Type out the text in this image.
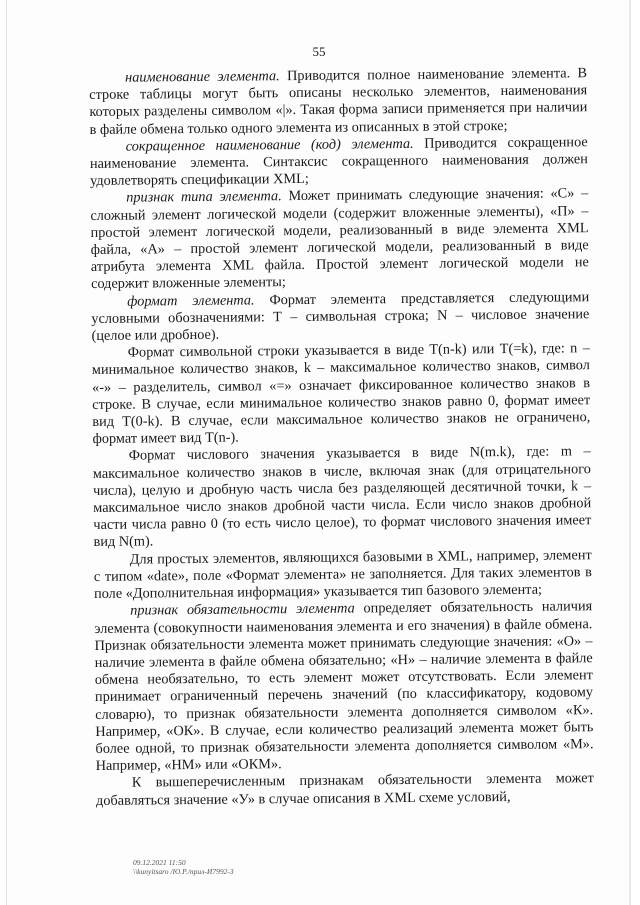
55

наименование элемента. Приводится полное наименование элемента. В строке таблицы могут быть описаны несколько элементов, наименования которых разделены символом «|». Такая форма записи применяется при наличии в файле обмена только одного элемента из описанных в этой строке;

сокращенное наименование (код) элемента. Приводится сокращенное наименование элемента. Синтаксис сокращенного наименования должен удовлетворять спецификации XML;

признак типа элемента. Может принимать следующие значения: «С» – сложный элемент логической модели (содержит вложенные элементы), «П» – простой элемент логической модели, реализованный в виде элемента XML файла, «А» – простой элемент логической модели, реализованный в виде атрибута элемента XML файла. Простой элемент логической модели не содержит вложенные элементы;

формат элемента. Формат элемента представляется следующими условными обозначениями: Т – символьная строка; N – числовое значение (целое или дробное).

Формат символьной строки указывается в виде Т(n-k) или Т(=k), где: n – минимальное количество знаков, k – максимальное количество знаков, символ «-» – разделитель, символ «=» означает фиксированное количество знаков в строке. В случае, если минимальное количество знаков равно 0, формат имеет вид Т(0-k). В случае, если максимальное количество знаков не ограничено, формат имеет вид Т(n-).

Формат числового значения указывается в виде N(m.k), где: m – максимальное количество знаков в числе, включая знак (для отрицательного числа), целую и дробную часть числа без разделяющей десятичной точки, k – максимальное число знаков дробной части числа. Если число знаков дробной части числа равно 0 (то есть число целое), то формат числового значения имеет вид N(m).

Для простых элементов, являющихся базовыми в XML, например, элемент с типом «date», поле «Формат элемента» не заполняется. Для таких элементов в поле «Дополнительная информация» указывается тип базового элемента;

признак обязательности элемента определяет обязательность наличия элемента (совокупности наименования элемента и его значения) в файле обмена. Признак обязательности элемента может принимать следующие значения: «О» – наличие элемента в файле обмена обязательно; «Н» – наличие элемента в файле обмена необязательно, то есть элемент может отсутствовать. Если элемент принимает ограниченный перечень значений (по классификатору, кодовому словарю), то признак обязательности элемента дополняется символом «К». Например, «ОК». В случае, если количество реализаций элемента может быть более одной, то признак обязательности элемента дополняется символом «М». Например, «НМ» или «ОКМ».

К вышеперечисленным признакам обязательности элемента может добавляться значение «У» в случае описания в XML схеме условий,

09.12.2021 11:50
\\kunyitsaro /Ю.Р./прил-И7992-3
